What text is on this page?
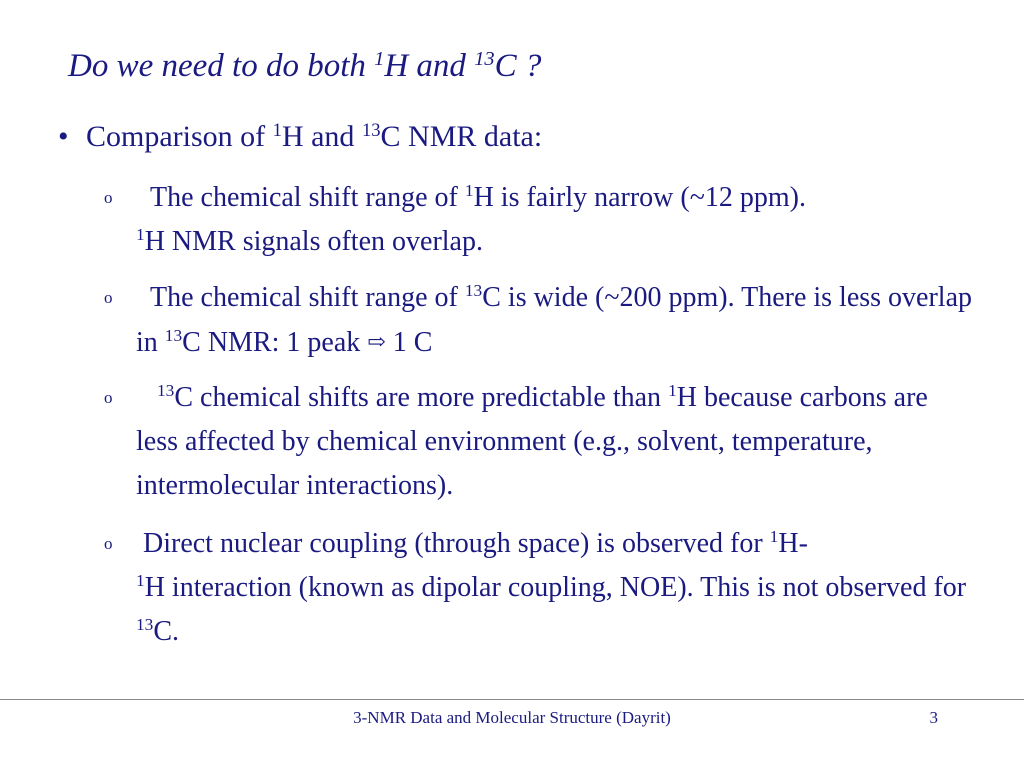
Do we need to do both $^1$H and $^{13}$C ?
• Comparison of $^1$H and $^{13}$C NMR data:
o	The chemical shift range of $^1$H is fairly narrow (~12 ppm).
$^1$H NMR signals often overlap.
o	The chemical shift range of $^{13}$C is wide (~200 ppm). There is less overlap in $^{13}$C NMR: 1 peak ⇨ 1 C
o	$^{13}$C chemical shifts are more predictable than $^1$H because carbons are less affected by chemical environment (e.g., solvent, temperature, intermolecular interactions).
o Direct nuclear coupling (through space) is observed for $^1$H-
$^1$H interaction (known as dipolar coupling, NOE). This is not observed for $^{13}$C.
3-NMR Data and Molecular Structure (Dayrit)	3
